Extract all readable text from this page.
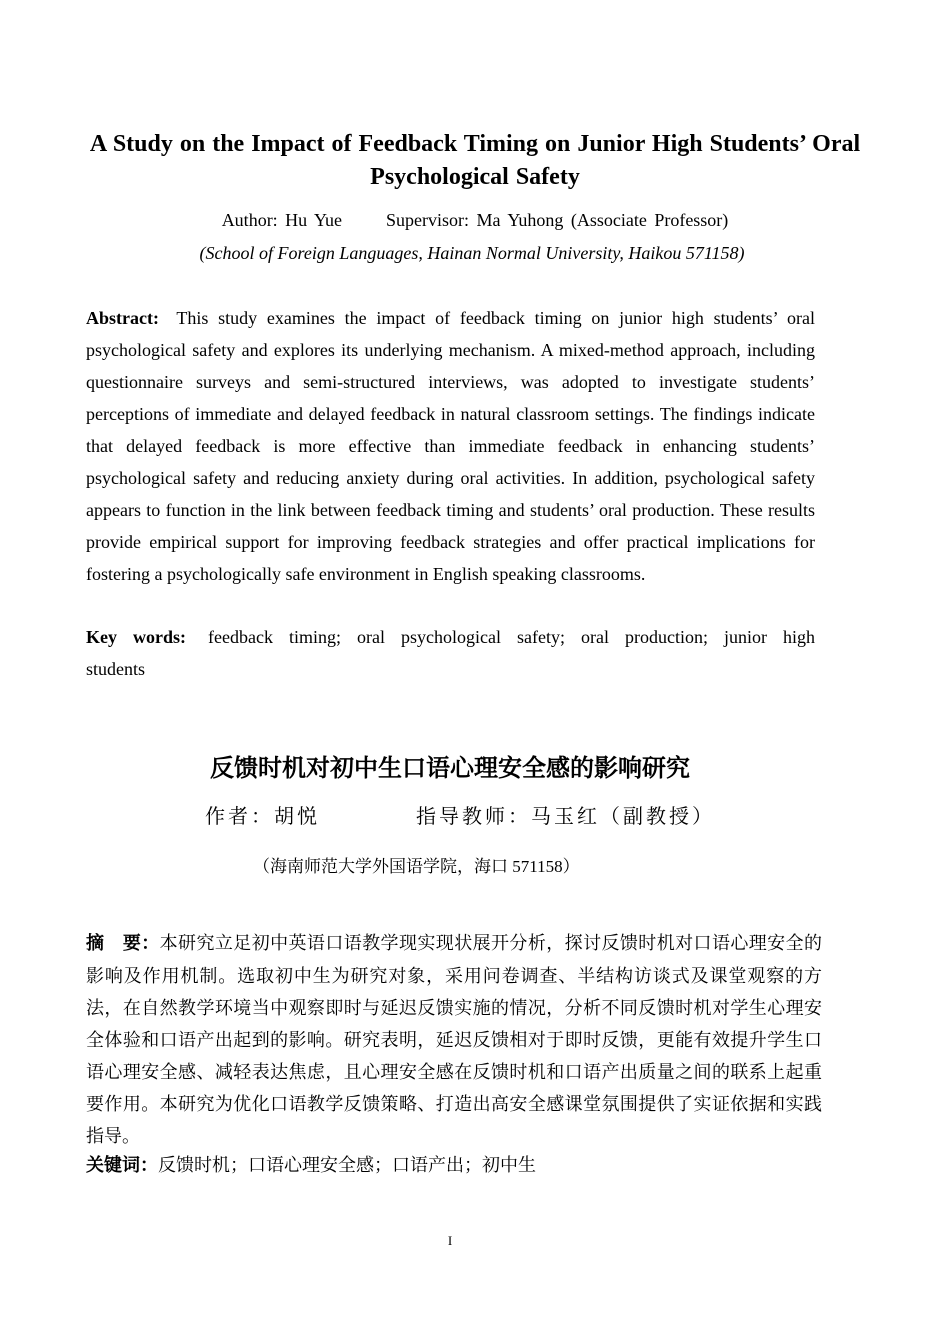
A Study on the Impact of Feedback Timing on Junior High Students’ Oral Psychological Safety
Author: Hu Yue Supervisor: Ma Yuhong (Associate Professor)
(School of Foreign Languages, Hainan Normal University, Haikou 571158)
Abstract: This study examines the impact of feedback timing on junior high students’ oral psychological safety and explores its underlying mechanism. A mixed-method approach, including questionnaire surveys and semi-structured interviews, was adopted to investigate students’ perceptions of immediate and delayed feedback in natural classroom settings. The findings indicate that delayed feedback is more effective than immediate feedback in enhancing students’ psychological safety and reducing anxiety during oral activities. In addition, psychological safety appears to function in the link between feedback timing and students’ oral production. These results provide empirical support for improving feedback strategies and offer practical implications for fostering a psychologically safe environment in English speaking classrooms.
Key words: feedback timing; oral psychological safety; oral production; junior high students
反馈时机对初中生口语心理安全感的影响研究
作者：胡悦	指导教师：马玉红（副教授）
（海南师范大学外国语学院，海口 571158）
摘　要：本研究立足初中英语口语教学现实现状展开分析，探讨反馈时机对口语心理安全的影响及作用机制。选取初中生为研究对象，采用问卷调查、半结构访谈式及课堂观察的方法，在自然教学环境当中观察即时与延迟反馈实施的情况，分析不同反馈时机对学生心理安全体验和口语产出起到的影响。研究表明，延迟反馈相对于即时反馈，更能有效提升学生口语心理安全感、减轻表达焦虑，且心理安全感在反馈时机和口语产出质量之间的联系上起重要作用。本研究为优化口语教学反馈策略、打造出高安全感课堂氛围提供了实证依据和实践指导。
关键词：反馈时机；口语心理安全感；口语产出；初中生
I
